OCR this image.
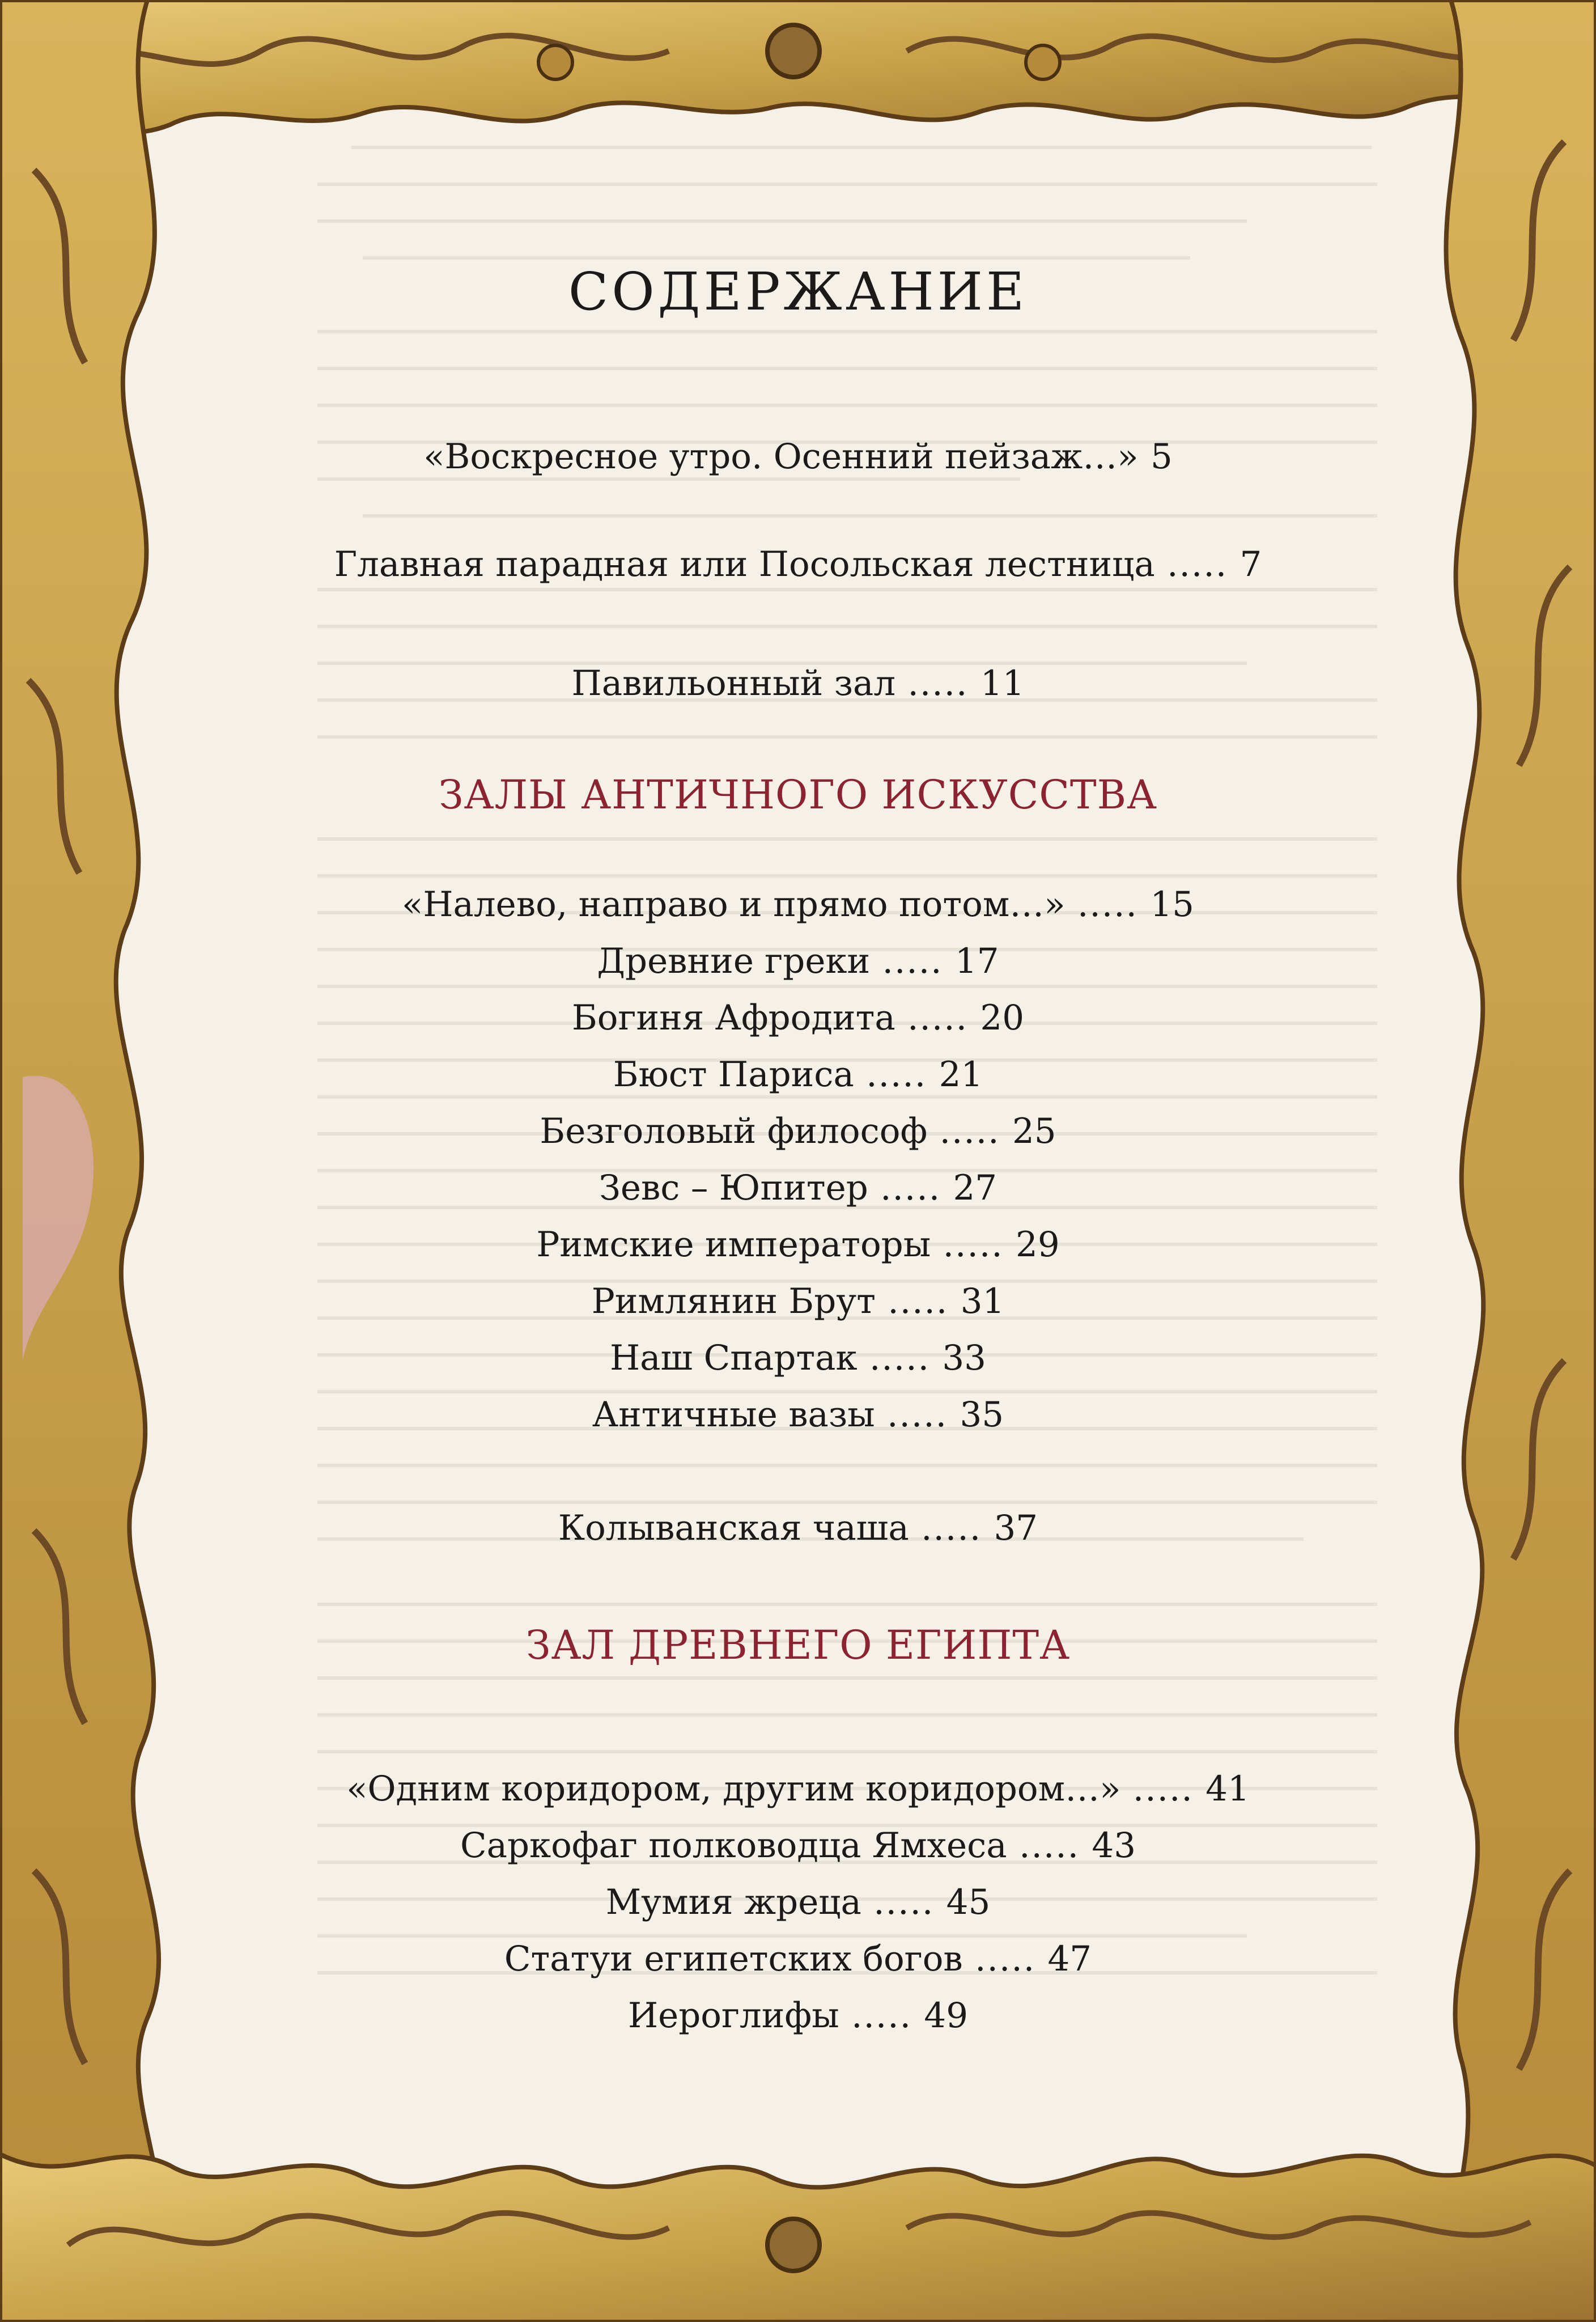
СОДЕРЖАНИЕ
«Воскресное утро. Осенний пейзаж…» 5
Главная парадная или Посольская лестница ..... 7
Павильонный зал ..... 11
ЗАЛЫ АНТИЧНОГО ИСКУССТВА
«Налево, направо и прямо потом…» ..... 15
Древние греки ..... 17
Богиня Афродита ..... 20
Бюст Париса ..... 21
Безголовый философ ..... 25
Зевс – Юпитер ..... 27
Римские императоры ..... 29
Римлянин Брут ..... 31
Наш Спартак ..... 33
Античные вазы ..... 35
Колыванская чаша ..... 37
ЗАЛ ДРЕВНЕГО ЕГИПТА
«Одним коридором, другим коридором…» ..... 41
Саркофаг полководца Ямхеса ..... 43
Мумия жреца ..... 45
Статуи египетских богов ..... 47
Иероглифы ..... 49
